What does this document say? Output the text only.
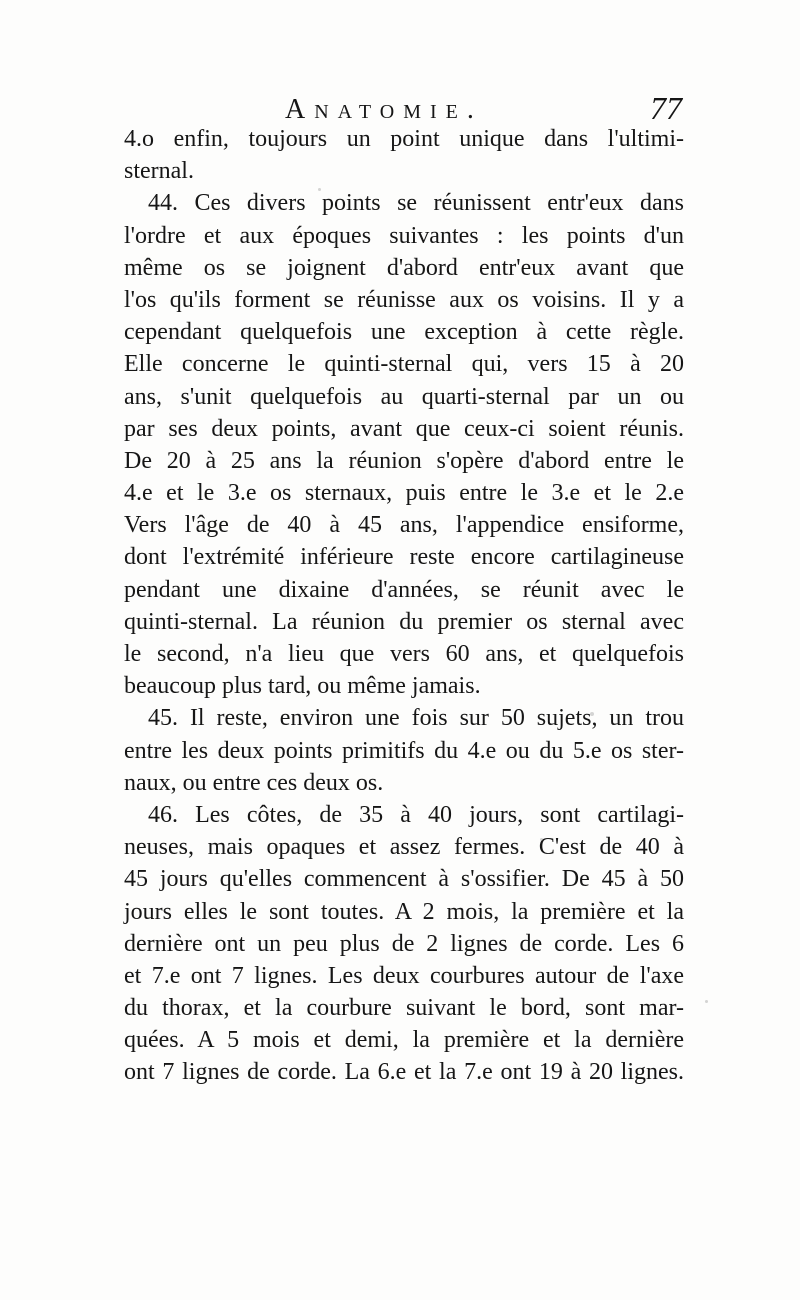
Anatomie.	77
4.o enfin, toujours un point unique dans l'ultimi-
sternal.
44. Ces divers points se réunissent entr'eux dans
l'ordre et aux époques suivantes : les points d'un
même os se joignent d'abord entr'eux avant que
l'os qu'ils forment se réunisse aux os voisins. Il y a
cependant quelquefois une exception à cette règle.
Elle concerne le quinti-sternal qui, vers 15 à 20
ans, s'unit quelquefois au quarti-sternal par un ou
par ses deux points, avant que ceux-ci soient réunis.
De 20 à 25 ans la réunion s'opère d'abord entre le
4.e et le 3.e os sternaux, puis entre le 3.e et le 2.e
Vers l'âge de 40 à 45 ans, l'appendice ensiforme,
dont l'extrémité inférieure reste encore cartilagineuse
pendant une dixaine d'années, se réunit avec le
quinti-sternal. La réunion du premier os sternal avec
le second, n'a lieu que vers 60 ans, et quelquefois
beaucoup plus tard, ou même jamais.
45. Il reste, environ une fois sur 50 sujets, un trou
entre les deux points primitifs du 4.e ou du 5.e os ster-
naux, ou entre ces deux os.
46. Les côtes, de 35 à 40 jours, sont cartilagi-
neuses, mais opaques et assez fermes. C'est de 40 à
45 jours qu'elles commencent à s'ossifier. De 45 à 50
jours elles le sont toutes. A 2 mois, la première et la
dernière ont un peu plus de 2 lignes de corde. Les 6
et 7.e ont 7 lignes. Les deux courbures autour de l'axe
du thorax, et la courbure suivant le bord, sont mar-
quées. A 5 mois et demi, la première et la dernière
ont 7 lignes de corde. La 6.e et la 7.e ont 19 à 20 lignes.
